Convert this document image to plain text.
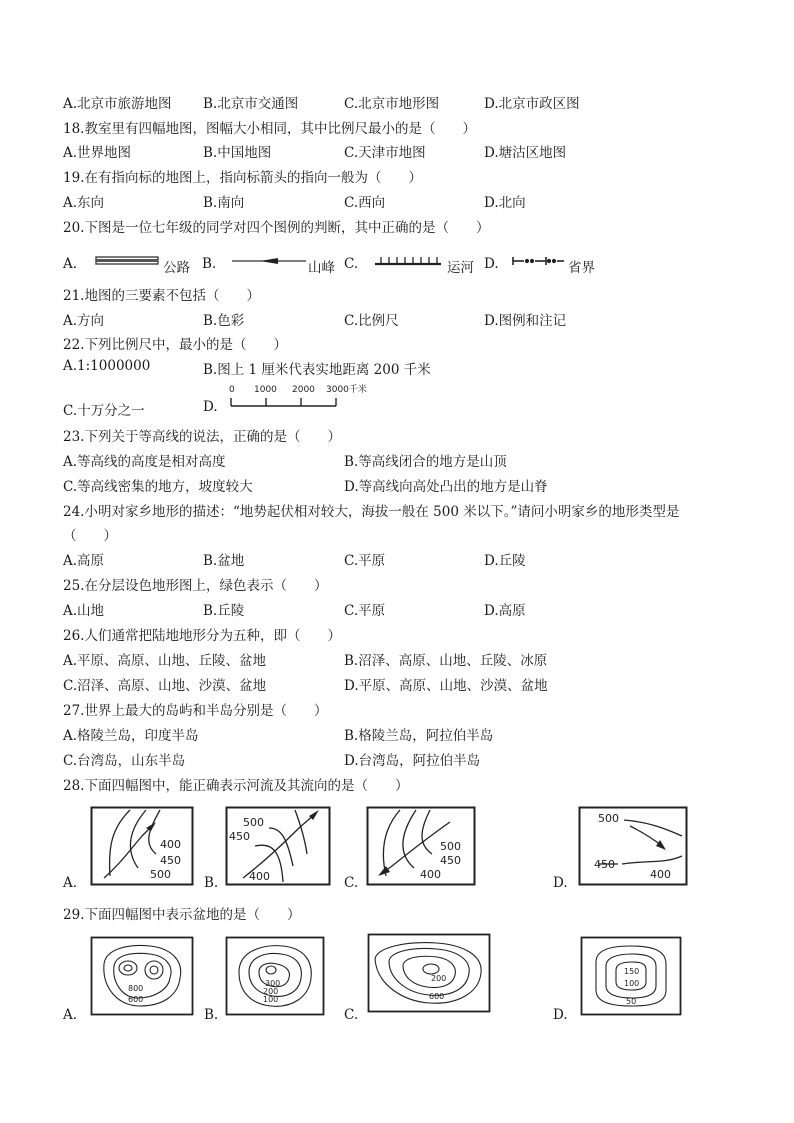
A.北京市旅游地图 B.北京市交通图	C.北京市地形图	D.北京市政区图
18.教室里有四幅地图，图幅大小相同，其中比例尺最小的是（　　）
A.世界地图	B.中国地图	C.天津市地图	D.塘沽区地图
19.在有指向标的地图上，指向标箭头的指向一般为（　　）
A.东向	B.南向	C.西向	D.北向
20.下图是一位七年级的同学对四个图例的判断，其中正确的是（　　）
A.	公路 B.	山峰 C.	运河 D.	省界
21.地图的三要素不包括（　　）
A.方向	B.色彩	C.比例尺	D.图例和注记
22.下列比例尺中，最小的是（　　）
A.1:1000000	B.图上 1 厘米代表实地距离 200 千米
C.十万分之一	D.
0 1000 2000 3000千米
23.下列关于等高线的说法，正确的是（　　）
A.等高线的高度是相对高度	B.等高线闭合的地方是山顶
C.等高线密集的地方，坡度较大	D.等高线向高处凸出的地方是山脊
24.小明对家乡地形的描述：“地势起伏相对较大，海拔一般在 500 米以下。”请问小明家乡的地形类型是
（　　）
A.高原	B.盆地	C.平原	D.丘陵
25.在分层设色地形图上，绿色表示（　　）
A.山地	B.丘陵	C.平原	D.高原
26.人们通常把陆地地形分为五种，即（　　）
A.平原、高原、山地、丘陵、盆地	B.沼泽、高原、山地、丘陵、冰原
C.沼泽、高原、山地、沙漠、盆地	D.平原、高原、山地、沙漠、盆地
27.世界上最大的岛屿和半岛分别是（　　）
A.格陵兰岛，印度半岛	B.格陵兰岛，阿拉伯半岛
C.台湾岛，山东半岛	D.台湾岛，阿拉伯半岛
28.下面四幅图中，能正确表示河流及其流向的是（　　）
A.
400
450
500
B.
500
450
400	C.
500
450
400
D.
500
450
400
29.下面四幅图中表示盆地的是（　　）
A.
800
600
B.
300
200
100
C.
200
600
D.
150
100
50
